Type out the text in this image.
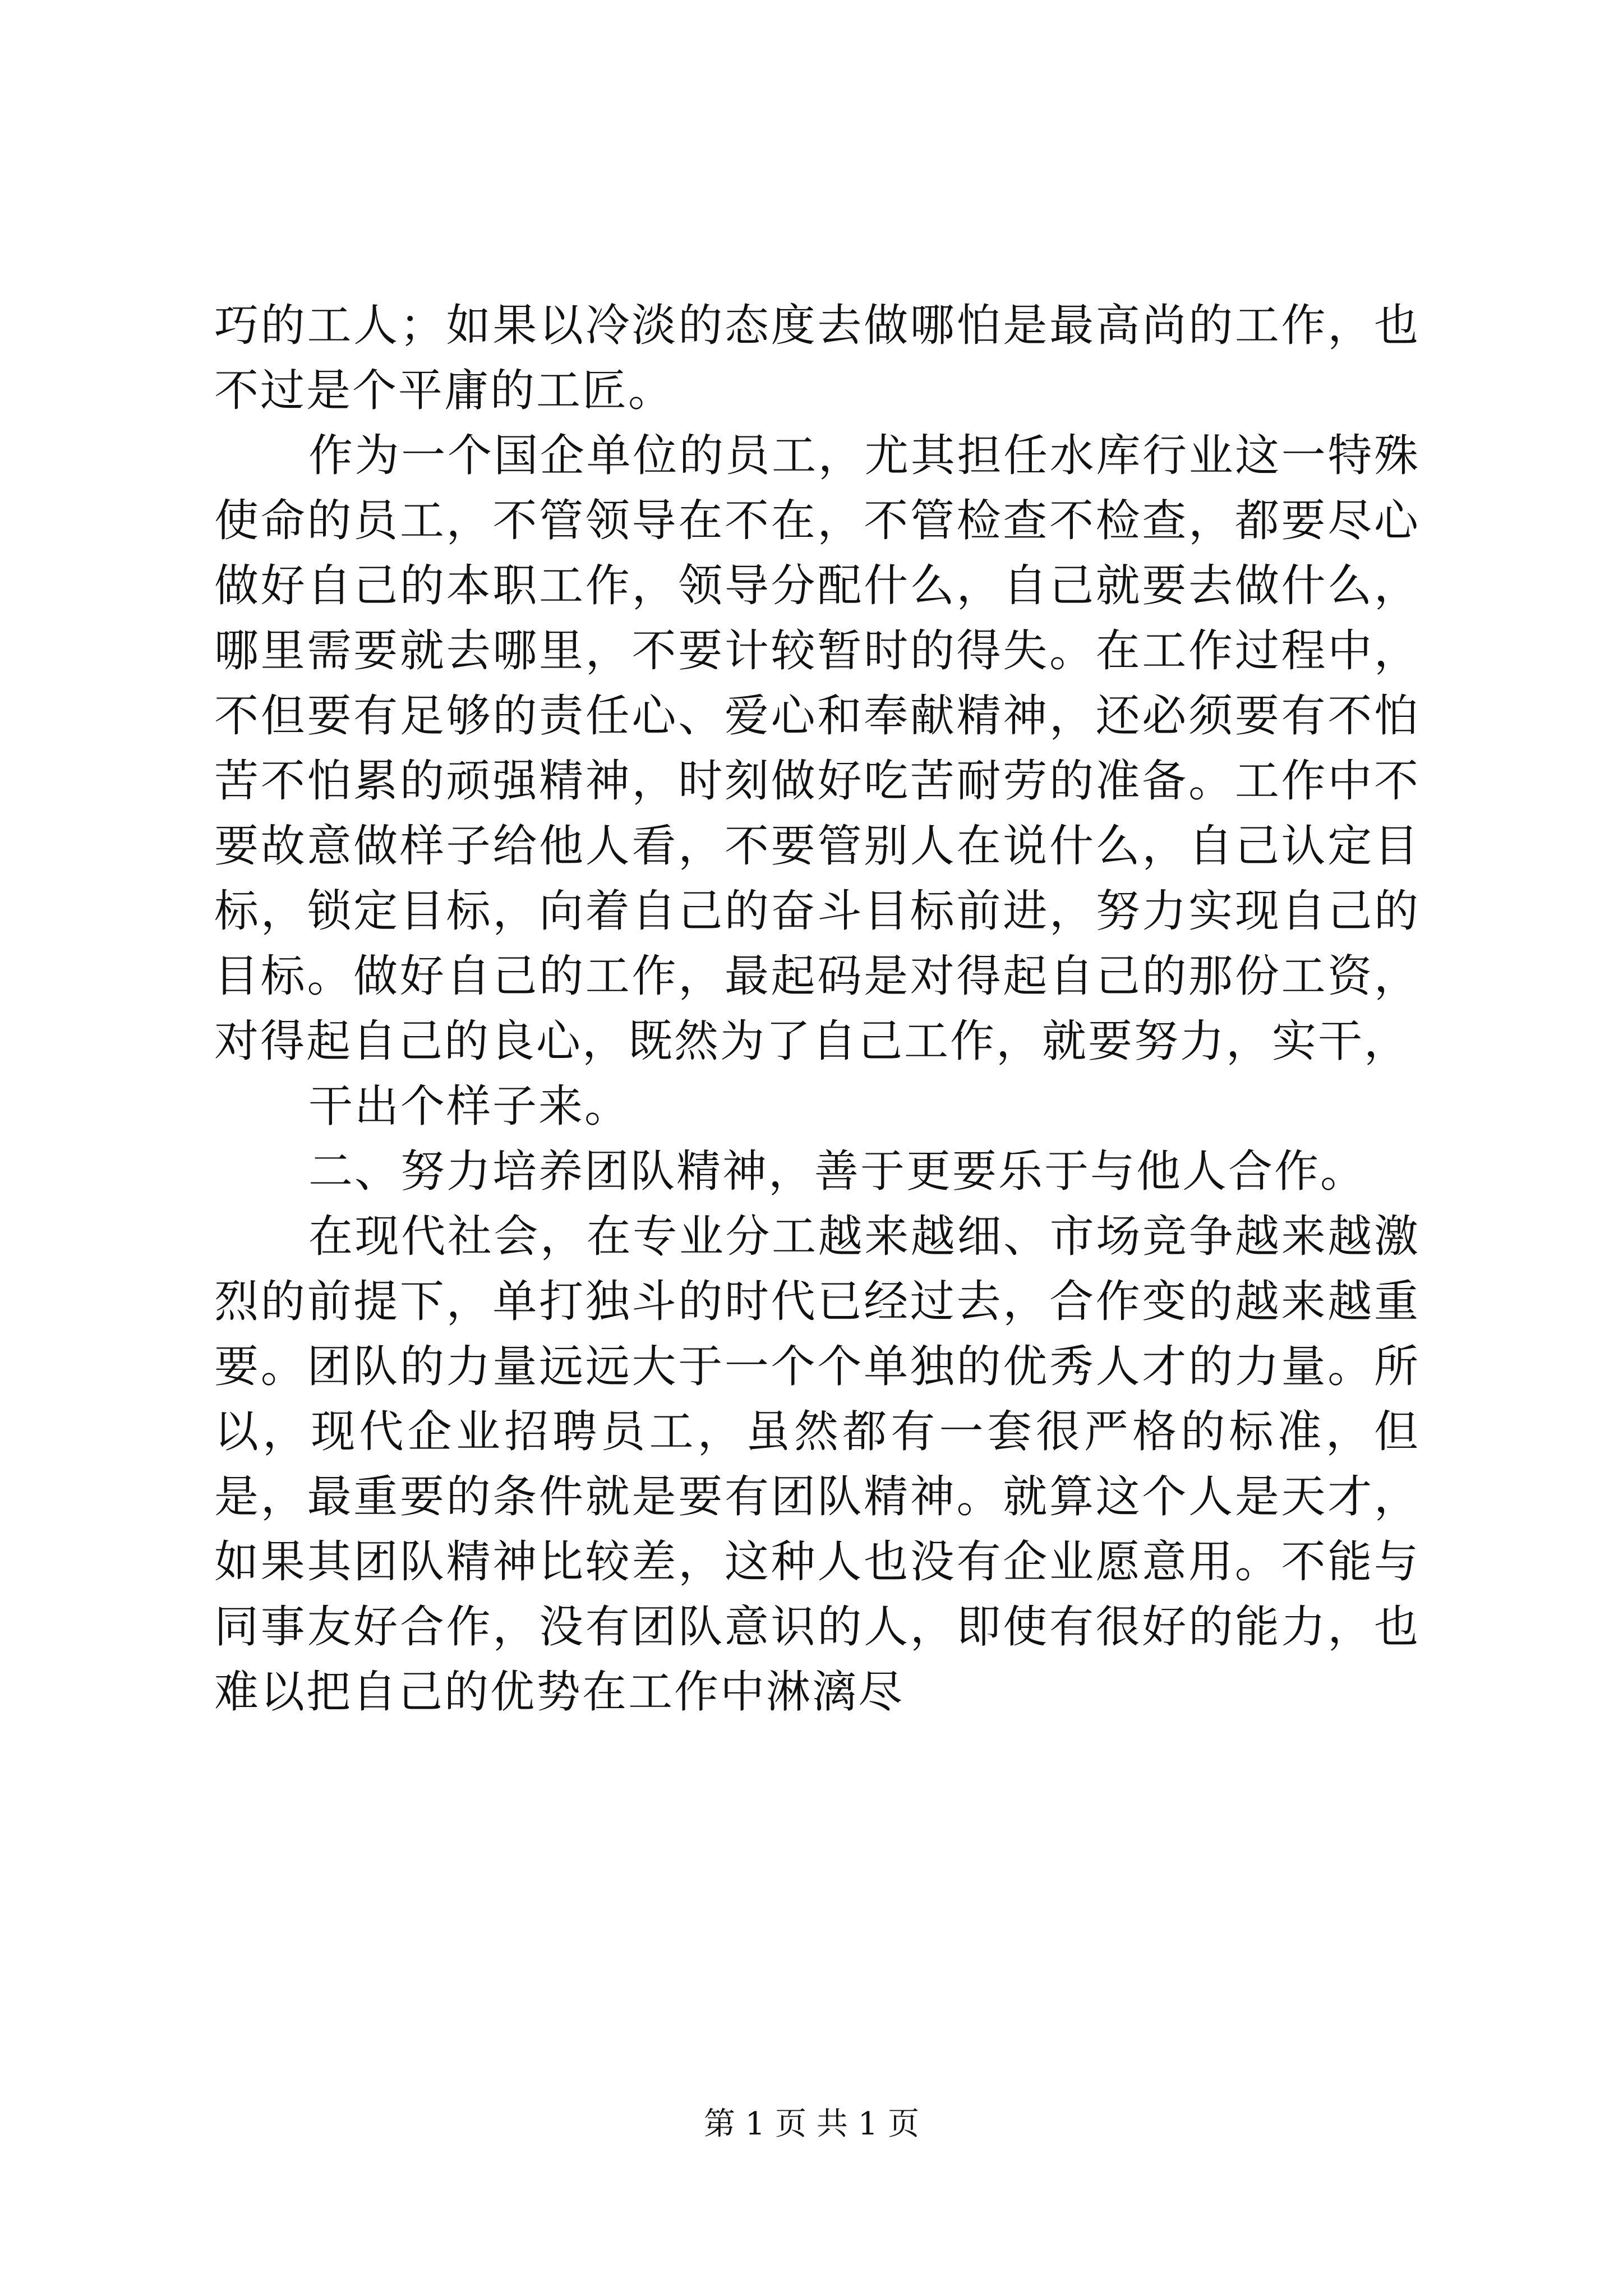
巧的工人；如果以冷淡的态度去做哪怕是最高尚的工作，也不过是个平庸的工匠。

作为一个国企单位的员工，尤其担任水库行业这一特殊使命的员工，不管领导在不在，不管检查不检查，都要尽心做好自己的本职工作，领导分配什么，自己就要去做什么，哪里需要就去哪里，不要计较暂时的得失。在工作过程中，不但要有足够的责任心、爱心和奉献精神，还必须要有不怕苦不怕累的顽强精神，时刻做好吃苦耐劳的准备。工作中不要故意做样子给他人看，不要管别人在说什么，自己认定目标，锁定目标，向着自己的奋斗目标前进，努力实现自己的目标。做好自己的工作，最起码是对得起自己的那份工资，对得起自己的良心，既然为了自己工作，就要努力，实干，

干出个样子来。

二、努力培养团队精神，善于更要乐于与他人合作。

在现代社会，在专业分工越来越细、市场竞争越来越激烈的前提下，单打独斗的时代已经过去，合作变的越来越重要。团队的力量远远大于一个个单独的优秀人才的力量。所以，现代企业招聘员工，虽然都有一套很严格的标准，但是，最重要的条件就是要有团队精神。就算这个人是天才，如果其团队精神比较差，这种人也没有企业愿意用。不能与同事友好合作，没有团队意识的人，即使有很好的能力，也难以把自己的优势在工作中淋漓尽

第 1 页 共 1 页
